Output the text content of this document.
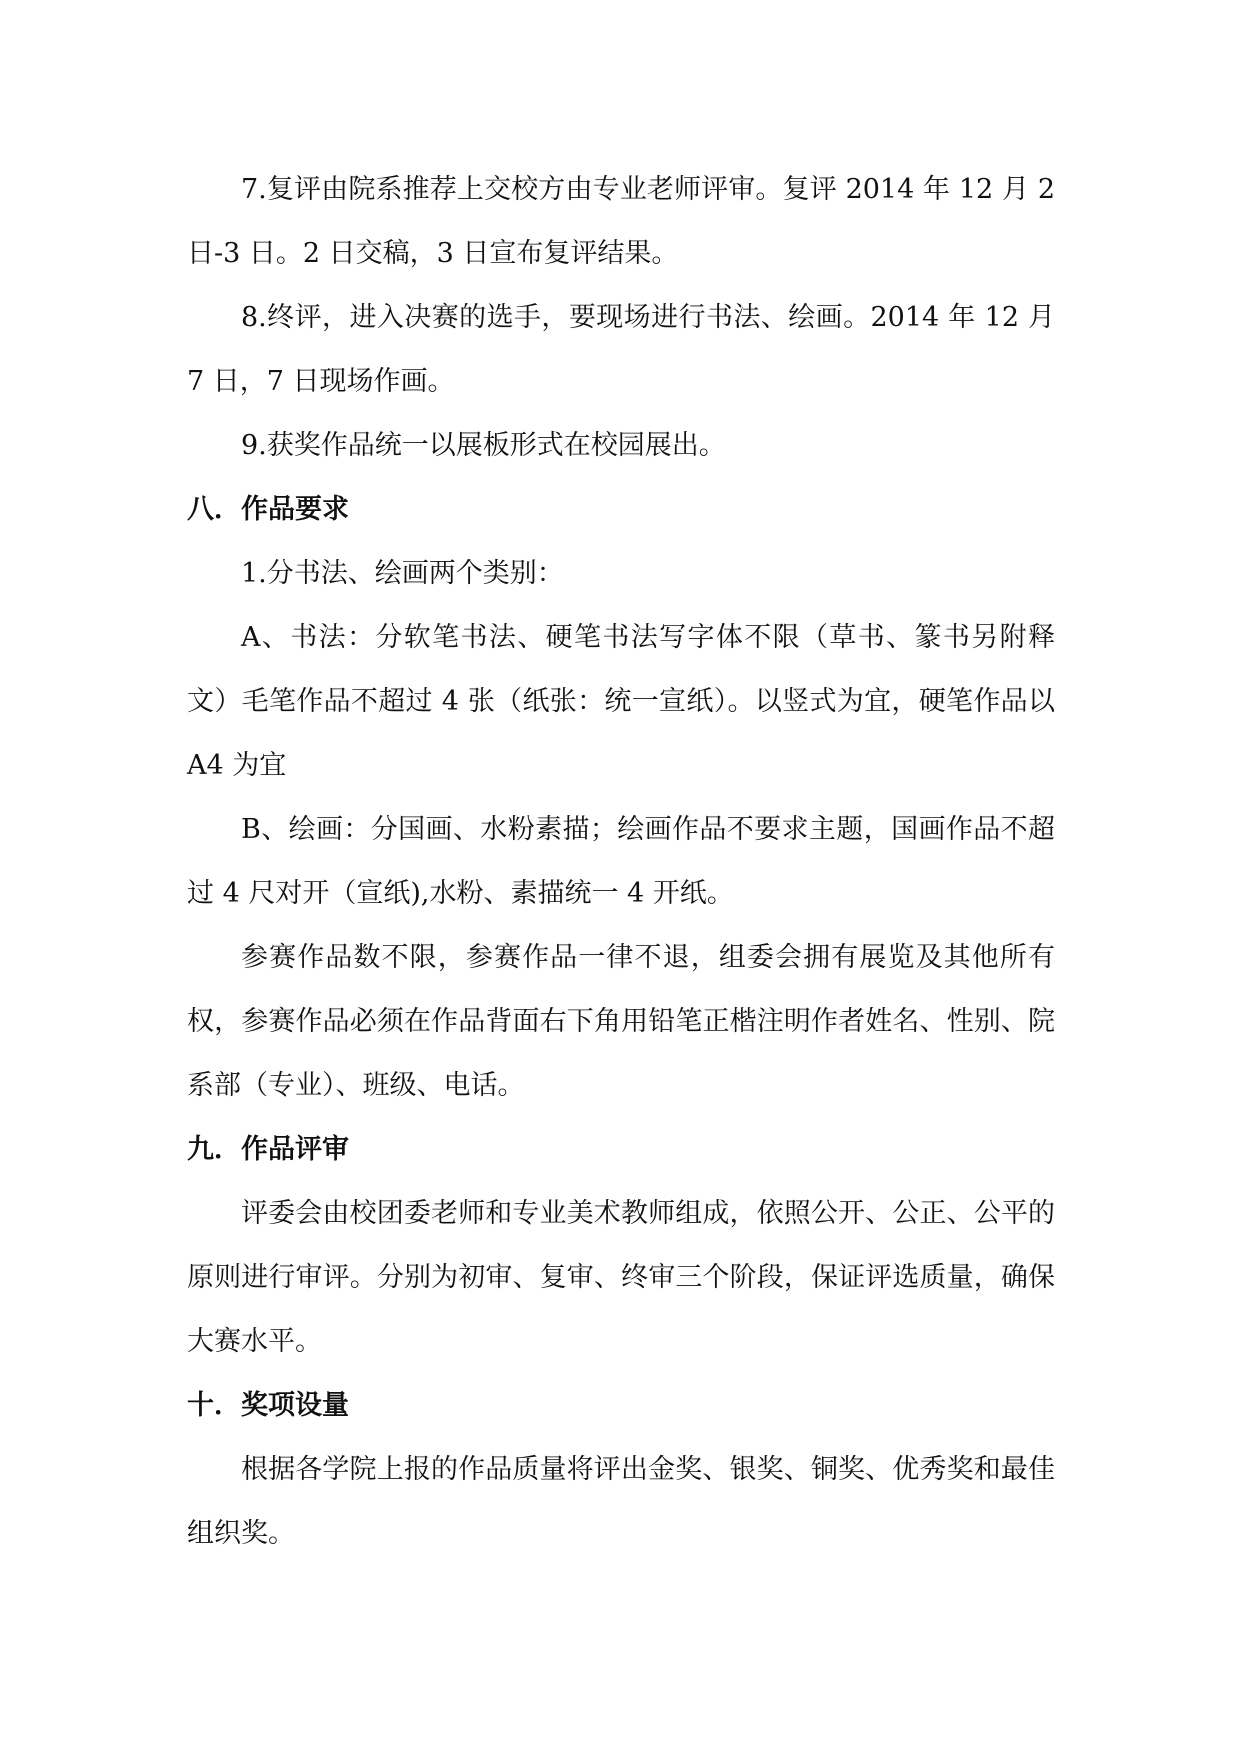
7.复评由院系推荐上交校方由专业老师评审。复评 2014 年 12 月 2 日-3 日。2 日交稿，3 日宣布复评结果。

8.终评，进入决赛的选手，要现场进行书法、绘画。2014 年 12 月 7 日，7 日现场作画。

9.获奖作品统一以展板形式在校园展出。

八．作品要求

1.分书法、绘画两个类别：

A、书法：分软笔书法、硬笔书法写字体不限（草书、篆书另附释文）毛笔作品不超过 4 张（纸张：统一宣纸）。以竖式为宜，硬笔作品以 A4 为宜

B、绘画：分国画、水粉素描；绘画作品不要求主题，国画作品不超过 4 尺对开（宣纸),水粉、素描统一 4 开纸。

参赛作品数不限，参赛作品一律不退，组委会拥有展览及其他所有权，参赛作品必须在作品背面右下角用铅笔正楷注明作者姓名、性别、院系部（专业）、班级、电话。

九．作品评审

评委会由校团委老师和专业美术教师组成，依照公开、公正、公平的原则进行审评。分别为初审、复审、终审三个阶段，保证评选质量，确保大赛水平。

十．奖项设量

根据各学院上报的作品质量将评出金奖、银奖、铜奖、优秀奖和最佳组织奖。
